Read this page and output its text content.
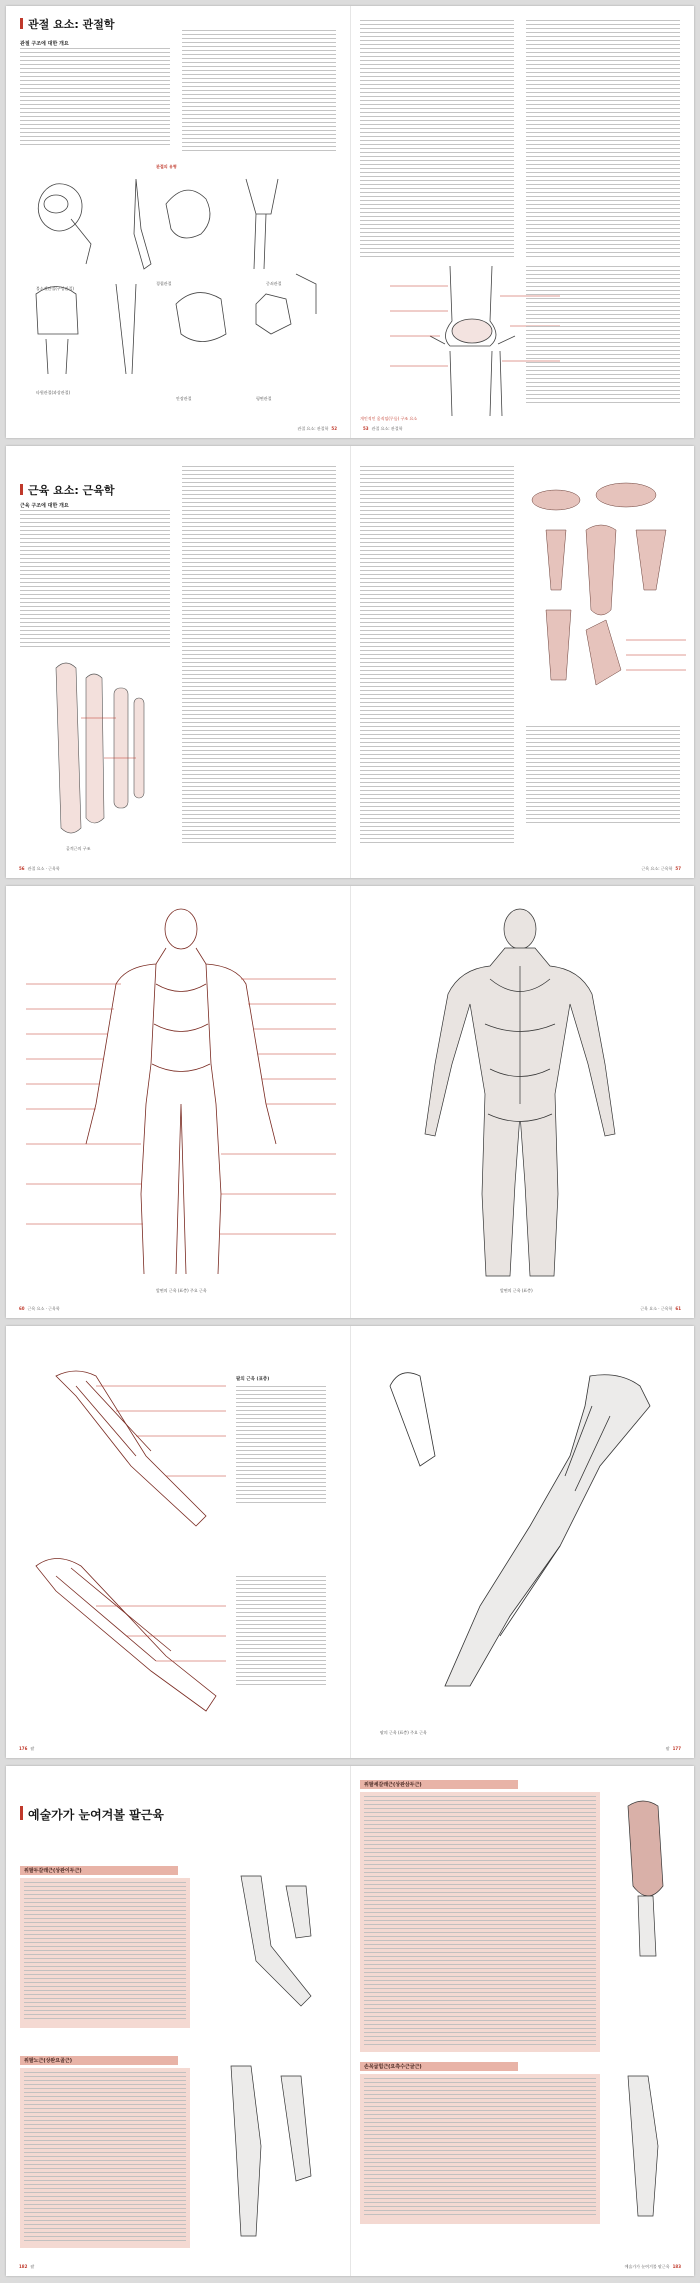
관절 요소: 관절학
관절 구조에 대한 개요
관절의 유형
볼소켓관절(구상관절)
경첩관절	중쇠관절
타원관절(과상관절)
안장관절	평면관절
관절 요소: 관절학 52
개인적인 움직임(무릎) 구조 요소
53 관절 요소: 관절학
근육 요소: 근육학
근육 구조에 대한 개요
골격근의 구조
56 관절 요소 · 근육학	근육 요소: 근육학 57
앞면의 근육 (표층) 주요 근육
60 근육 요소 · 근육학
앞면의 근육 (표층)
근육 요소 · 근육학 61
팔의 근육 (표층)
176 팔
팔의 근육 (표층) 주요 근육
팔 177
예술가가 눈여겨볼 팔근육
위팔두갈래근(상완이두근)
위팔노근(상완요골근)
182 팔
위팔세갈래근(상완삼두근)
손목굽힘근(요측수근굴근)
예술가가 눈여겨볼 팔근육 183
